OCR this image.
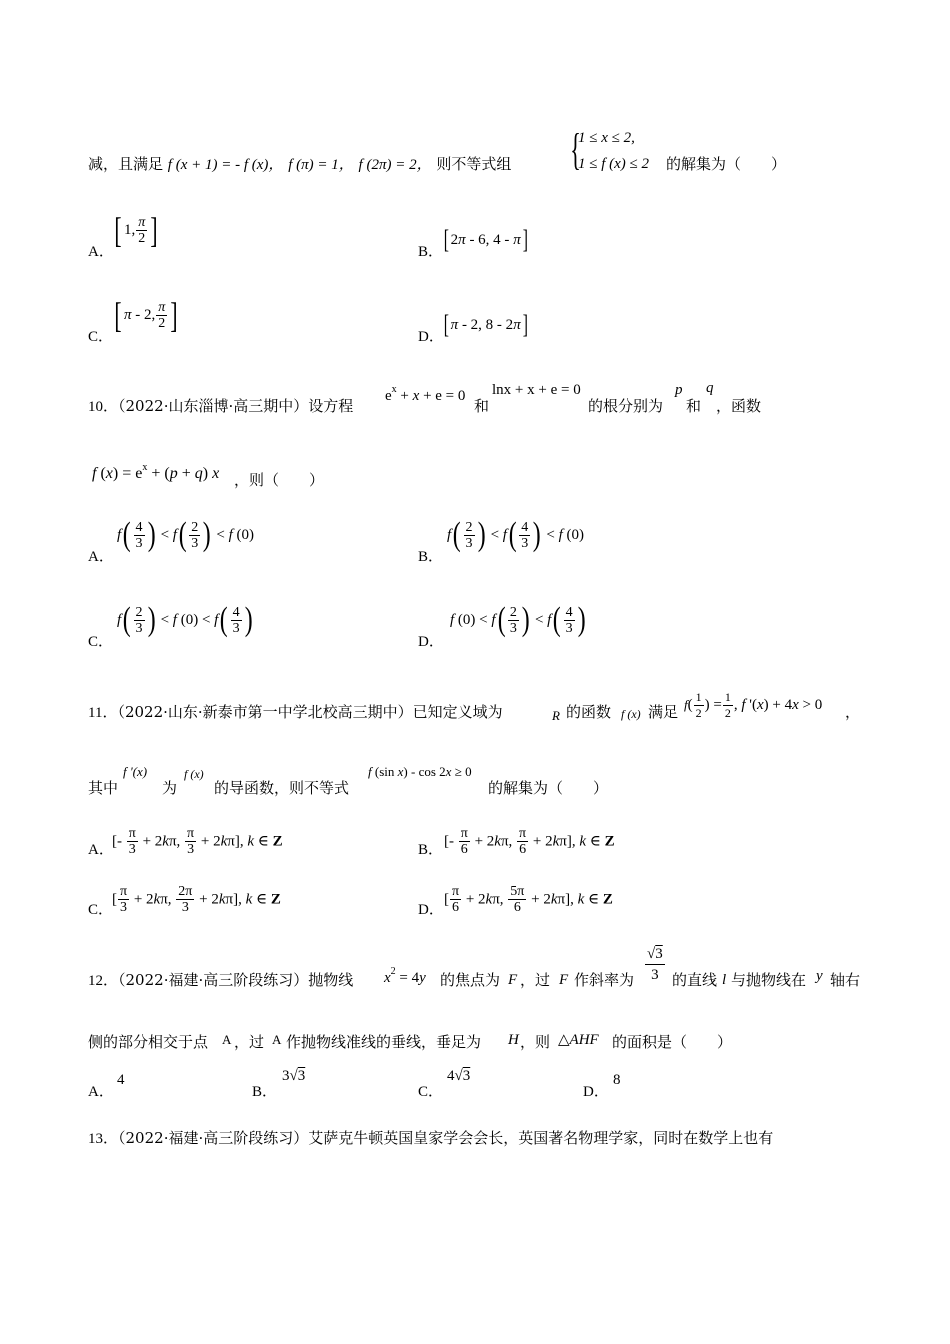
减，且满足 f (x + 1) = - f (x)， f (π) = 1， f (2π) = 2， 则不等式组 {
1 ≤ x ≤ 2,
1 ≤ f (x) ≤ 2 的解集为（　　）
A．
[ 1, $\frac{\pi}{2}$ ]
B． [ 2π - 6, 4 - π]
C．
[ π - 2, $\frac{\pi}{2}$ ]
D． [ π - 2, 8 - 2π]
10．（2022·山东淄博·高三期中）设方程
$e^x + x + e = 0$
和
lnx + x + e = 0
的根分别为
p
和
q
，函数
f $(x) = e^x + (p + q)$ x ，则（　　）
A．
$f( \frac{4}{3}$ ) < $f( \frac{2}{3}$ ) < f (0)
B．
$f( \frac{2}{3}$ ) < $f( \frac{4}{3}$ ) < f (0)
C．
$f( \frac{2}{3}$ ) < f $(0) < f( \frac{4}{3}$ )
D．
f $(0) < f( \frac{2}{3}$ ) < $f( \frac{4}{3}$ )
11．（2022·山东·新泰市第一中学北校高三期中）已知定义域为	R 的函数 f (x) 满足 $f( \frac{1}{2}$ ) = $\frac{1}{2}$ , f '(x) + 4x > 0 ，
其中
f '(x)
为
f (x)
的导函数，则不等式
f (sin x) - cos 2x ≥ 0
的解集为（　　）
A．
[- $\frac{\pi}{3} + 2k\pi$, $\frac{\pi}{3} + 2k\pi$], k ∈ Z
B．
[- $\frac{\pi}{6} + 2k\pi$, $\frac{\pi}{6} + 2k\pi$], k ∈ Z
C．
[ $\frac{\pi}{3} + 2k\pi$, $\frac{2\pi}{3} + 2k\pi$], k ∈ Z
D．
[ $\frac{\pi}{6} + 2k\pi$, $\frac{5\pi}{6} + 2k\pi$], k ∈ Z
12．（2022·福建·高三阶段练习）抛物线 $x^2 = 4y$ 的焦点为 F ，过 F 作斜率为 $\frac{√3}{3}$ 的直线 l 与抛物线在 y 轴右
侧的部分相交于点 A ，过 A 作抛物线准线的垂线，垂足为 H ，则 △AHF 的面积是（　　）
A．
4
B．
3√3
C．
4√3
D．
8
13．（2022·福建·高三阶段练习）艾萨克牛顿英国皇家学会会长，英国著名物理学家，同时在数学上也有
